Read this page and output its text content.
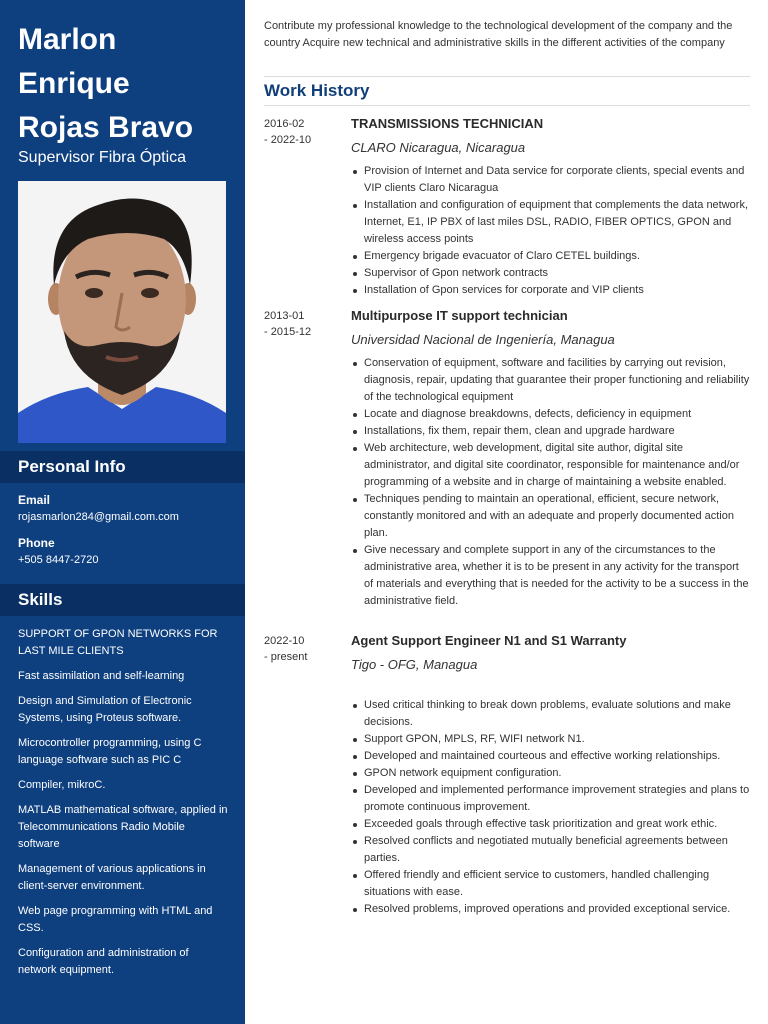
Marlon
Enrique
Rojas Bravo
Supervisor Fibra Óptica
Personal Info
Email
rojasmarlon284@gmail.com.com
Phone
+505 8447-2720
Skills
SUPPORT OF GPON NETWORKS FOR LAST MILE CLIENTS
Fast assimilation and self-learning
Design and Simulation of Electronic Systems, using Proteus software.
Microcontroller programming, using C language software such as PIC C
Compiler, mikroC.
MATLAB mathematical software, applied in Telecommunications Radio Mobile software
Management of various applications in client-server environment.
Web page programming with HTML and CSS.
Configuration and administration of network equipment.

Contribute my professional knowledge to the technological development of the company and the country Acquire new technical and administrative skills in the different activities of the company

Work History
2016-02
- 2022-10
TRANSMISSIONS TECHNICIAN
CLARO Nicaragua, Nicaragua
Provision of Internet and Data service for corporate clients, special events and VIP clients Claro Nicaragua
Installation and configuration of equipment that complements the data network, Internet, E1, IP PBX of last miles DSL, RADIO, FIBER OPTICS, GPON and wireless access points
Emergency brigade evacuator of Claro CETEL buildings.
Supervisor of Gpon network contracts
Installation of Gpon services for corporate and VIP clients
2013-01
- 2015-12
Multipurpose IT support technician
Universidad Nacional de Ingeniería, Managua
Conservation of equipment, software and facilities by carrying out revision, diagnosis, repair, updating that guarantee their proper functioning and reliability of the technological equipment
Locate and diagnose breakdowns, defects, deficiency in equipment
Installations, fix them, repair them, clean and upgrade hardware
Web architecture, web development, digital site author, digital site administrator, and digital site coordinator, responsible for maintenance and/or programming of a website and in charge of maintaining a website enabled.
Techniques pending to maintain an operational, efficient, secure network, constantly monitored and with an adequate and properly documented action plan.
Give necessary and complete support in any of the circumstances to the administrative area, whether it is to be present in any activity for the transport of materials and everything that is needed for the activity to be a success in the administrative field.
2022-10
- present
Agent Support Engineer N1 and S1 Warranty
Tigo - OFG, Managua
Used critical thinking to break down problems, evaluate solutions and make decisions.
Support GPON, MPLS, RF, WIFI network N1.
Developed and maintained courteous and effective working relationships.
GPON network equipment configuration.
Developed and implemented performance improvement strategies and plans to promote continuous improvement.
Exceeded goals through effective task prioritization and great work ethic.
Resolved conflicts and negotiated mutually beneficial agreements between parties.
Offered friendly and efficient service to customers, handled challenging situations with ease.
Resolved problems, improved operations and provided exceptional service.
